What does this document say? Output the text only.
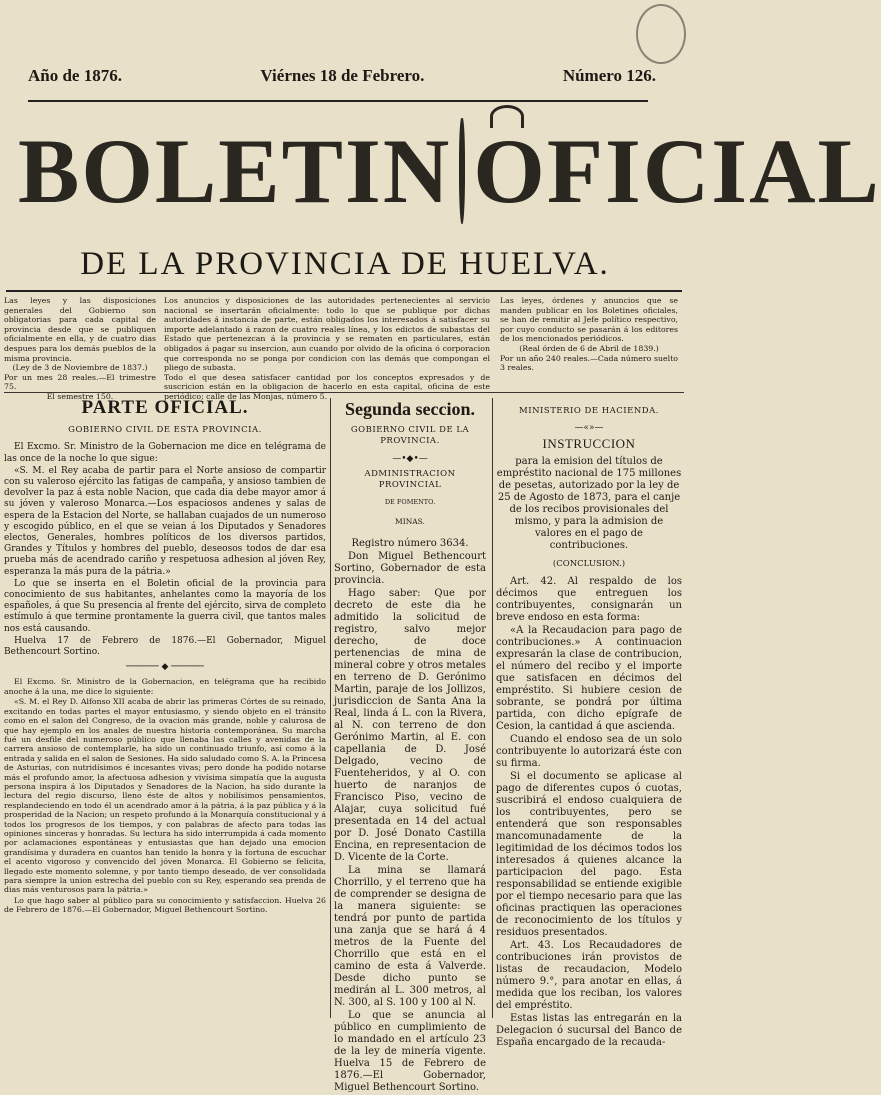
Año de 1876.	Viérnes 18 de Febrero.	Número 126.
BOLETIN OFICIAL
DE LA PROVINCIA DE HUELVA.

Las leyes y las disposiciones generales del Gobierno son obligatorias para cada capital de provincia desde que se publiquen oficialmente en ella, y de cuatro dias despues para los demás pueblos de la misma provincia.

(Ley de 3 de Noviembre de 1837.)

Por un mes 28 reales.—El trimestre 75.

El semestre 150.

Los anuncios y disposiciones de las autoridades pertenecientes al servicio nacional se insertarán oficialmente: todo lo que se publique por dichas autoridades á instancia de parte, están obligados los interesados á satisfacer su importe adelantado á razon de cuatro reales línea, y los edictos de subastas del Estado que pertenezcan á la provincia y se rematen en particulares, están obligados á pagar su insercion, aun cuando por olvido de la oficina ó corporacion que corresponda no se ponga por condicion con las demás que compongan el pliego de subasta.

Todo el que desea satisfacer cantidad por los conceptos expresados y de suscricion están en la obligacion de hacerlo en esta capital, oficina de este periódico; calle de las Monjas, número 5.

Las leyes, órdenes y anuncios que se manden publicar en los Boletines oficiales, se han de remitir al Jefe político respectivo, por cuyo conducto se pasarán á los editores de los mencionados periódicos.

(Real órden de 6 de Abril de 1839.)

Por un año 240 reales.—Cada número suelto 3 reales.

PARTE OFICIAL.
GOBIERNO CIVIL DE ESTA PROVINCIA.

El Excmo. Sr. Ministro de la Gobernacion me dice en telégrama de las once de la noche lo que sigue:

«S. M. el Rey acaba de partir para el Norte ansioso de compartir con su valeroso ejército las fatigas de campaña, y ansioso tambien de devolver la paz á esta noble Nacion, que cada dia debe mayor amor á su jóven y valeroso Monarca.—Los espaciosos andenes y salas de espera de la Estacion del Norte, se hallaban cuajados de un numeroso y escogido público, en el que se veian á los Diputados y Senadores electos, Generales, hombres políticos de los diversos partidos, Grandes y Títulos y hombres del pueblo, deseosos todos de dar esa prueba más de acendrado cariño y respetuosa adhesion al jóven Rey, esperanza la más pura de la pátria.»

Lo que se inserta en el Boletin oficial de la provincia para conocimiento de sus habitantes, anhelantes como la mayoría de los españoles, á que Su presencia al frente del ejército, sirva de completo estímulo á que termine prontamente la guerra civil, que tantos males nos está causando.

Huelva 17 de Febrero de 1876.—El Gobernador, Miguel Bethencourt Sortino.

────── ◆ ──────

El Excmo. Sr. Ministro de la Gobernacion, en telégrama que ha recibido anoche á la una, me dice lo siguiente:

«S. M. el Rey D. Alfonso XII acaba de abrir las primeras Córtes de su reinado, excitando en todas partes el mayor entusiasmo, y siendo objeto en el tránsito como en el salon del Congreso, de la ovacion más grande, noble y calurosa de que hay ejemplo en los anales de nuestra historia contemporánea. Su marcha fué un desfile del numeroso público que llenaba las calles y avenidas de la carrera ansioso de contemplarle, ha sido un continuado triunfo, así como á la entrada y salida en el salon de Sesiones. Ha sido saludado como S. A. la Princesa de Asturias, con nutridísimos é incesantes vivas; pero donde ha podido notarse más el profundo amor, la afectuosa adhesion y vivísima simpatía que la augusta persona inspira á los Diputados y Senadores de la Nacion, ha sido durante la lectura del regio discurso, lleno éste de altos y nobilísimos pensamientos, resplandeciendo en todo él un acendrado amor á la pátria, á la paz pública y á la prosperidad de la Nacion; un respeto profundo á la Monarquía constitucional y á todos los progresos de los tiempos, y con palabras de afecto para todas las opiniones sinceras y honradas. Su lectura ha sido interrumpida á cada momento por aclamaciones espontáneas y entusiastas que han dejado una emocion grandísima y duradera en cuantos han tenido la honra y la fortuna de escuchar el acento vigoroso y convencido del jóven Monarca. El Gobierno se felicita, llegado este momento solemne, y por tanto tiempo deseado, de ver consolidada para siempre la union estrecha del pueblo con su Rey, esperando sea prenda de dias más venturosos para la pátria.»

Lo que hago saber al público para su conocimiento y satisfaccion. Huelva 26 de Febrero de 1876.—El Gobernador, Miguel Bethencourt Sortino.

Segunda seccion.
GOBIERNO CIVIL DE LA PROVINCIA.
—•◆•—
ADMINISTRACION PROVINCIAL
DE FOMENTO.
MINAS.

Registro número 3634.

Don Miguel Bethencourt Sortino, Gobernador de esta provincia.

Hago saber: Que por decreto de este dia he admitido la solicitud de registro, salvo mejor derecho, de doce pertenencias de mina de mineral cobre y otros metales en terreno de D. Gerónimo Martin, paraje de los Jollizos, jurisdiccion de Santa Ana la Real, linda á L. con la Rivera, al N. con terreno de don Gerónimo Martin, al E. con capellania de D. José Delgado, vecino de Fuenteheridos, y al O. con huerto de naranjos de Francisco Piso, vecino de Alajar, cuya solicitud fué presentada en 14 del actual por D. José Donato Castilla Encina, en representacion de D. Vicente de la Corte.

La mina se llamará Chorrillo, y el terreno que ha de comprender se designa de la manera siguiente: se tendrá por punto de partida una zanja que se hará á 4 metros de la Fuente del Chorrillo que está en el camino de esta á Valverde. Desde dicho punto se medirán al L. 300 metros, al N. 300, al S. 100 y 100 al N.

Lo que se anuncia al público en cumplimiento de lo mandado en el artículo 23 de la ley de minería vigente. Huelva 15 de Febrero de 1876.—El Gobernador, Miguel Bethencourt Sortino.

MINISTERIO DE HACIENDA.
—«»—
INSTRUCCION

para la emision del títulos de empréstito nacional de 175 millones de pesetas, autorizado por la ley de 25 de Agosto de 1873, para el canje de los recibos provisionales del mismo, y para la admision de valores en el pago de contribuciones.

(CONCLUSION.)

Art. 42. Al respaldo de los décimos que entreguen los contribuyentes, consignarán un breve endoso en esta forma:

«A la Recaudacion para pago de contribuciones.» A continuacion expresarán la clase de contribucion, el número del recibo y el importe que satisfacen en décimos del empréstito. Si hubiere cesion de sobrante, se pondrá por última partida, con dicho epígrafe de Cesion, la cantidad á que ascienda.

Cuando el endoso sea de un solo contribuyente lo autorizará éste con su firma.

Si el documento se aplicase al pago de diferentes cupos ó cuotas, suscribirá el endoso cualquiera de los contribuyentes, pero se entenderá que son responsables mancomunadamente de la legitimidad de los décimos todos los interesados á quienes alcance la participacion del pago. Esta responsabilidad se entiende exigible por el tiempo necesario para que las oficinas practiquen las operaciones de reconocimiento de los títulos y residuos presentados.

Art. 43. Los Recaudadores de contribuciones irán provistos de listas de recaudacion, Modelo número 9.°, para anotar en ellas, á medida que los reciban, los valores del empréstito.

Estas listas las entregarán en la Delegacion ó sucursal del Banco de España encargado de la recauda-
